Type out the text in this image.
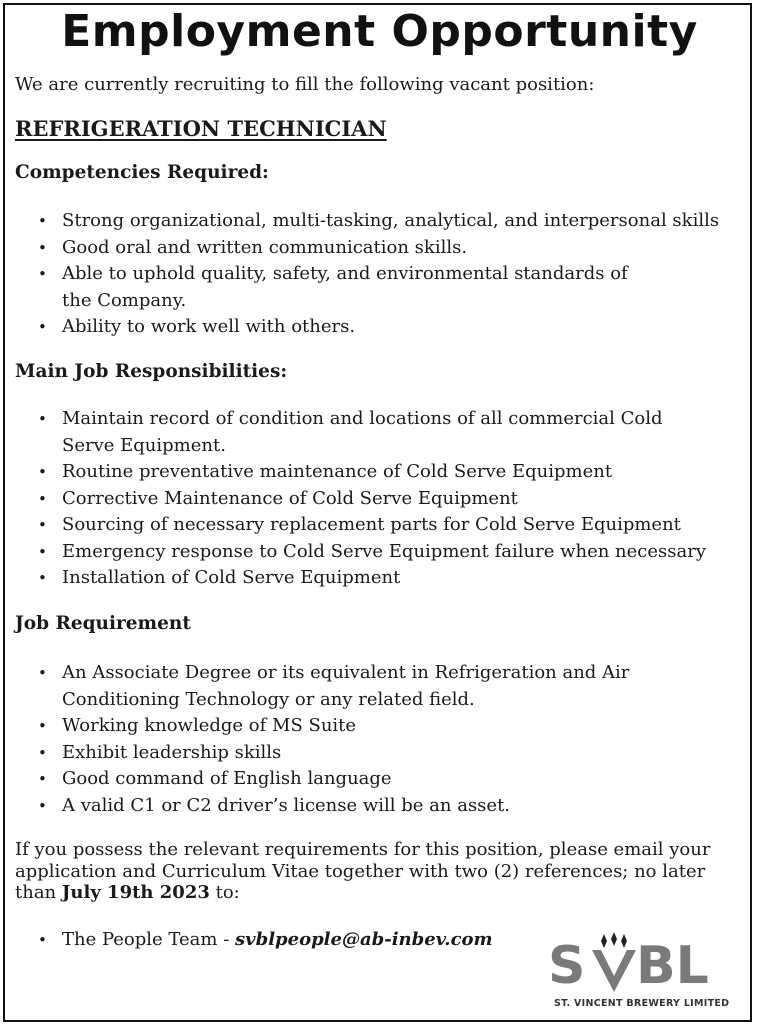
Employment Opportunity
We are currently recruiting to fill the following vacant position:
REFRIGERATION TECHNICIAN
Competencies Required:
• Strong organizational, multi-tasking, analytical, and interpersonal skills
• Good oral and written communication skills.
• Able to uphold quality, safety, and environmental standards of the Company.
• Ability to work well with others.
Main Job Responsibilities:
• Maintain record of condition and locations of all commercial Cold Serve Equipment.
• Routine preventative maintenance of Cold Serve Equipment
• Corrective Maintenance of Cold Serve Equipment
• Sourcing of necessary replacement parts for Cold Serve Equipment
• Emergency response to Cold Serve Equipment failure when necessary
• Installation of Cold Serve Equipment
Job Requirement
• An Associate Degree or its equivalent in Refrigeration and Air Conditioning Technology or any related field.
• Working knowledge of MS Suite
• Exhibit leadership skills
• Good command of English language
• A valid C1 or C2 driver’s license will be an asset.
If you possess the relevant requirements for this position, please email your application and Curriculum Vitae together with two (2) references; no later than July 19th 2023 to:
• The People Team - svblpeople@ab-inbev.com	S BL
ST. VINCENT BREWERY LIMITED
